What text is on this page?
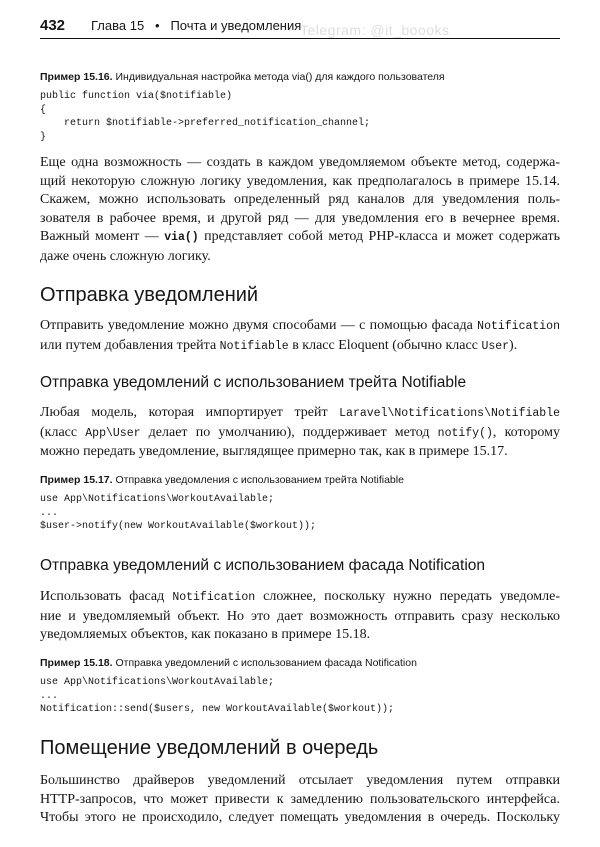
432 Глава 15 • Почта и уведомления
Telegram: @it_boooks
Пример 15.16. Индивидуальная настройка метода via() для каждого пользователя
public function via($notifiable)
{
return $notifiable->preferred_notification_channel;
}
Еще одна возможность — создать в каждом уведомляемом объекте метод, содержа-
щий некоторую сложную логику уведомления, как предполагалось в примере 15.14.
Скажем, можно использовать определенный ряд каналов для уведомления поль-
зователя в рабочее время, и другой ряд — для уведомления его в вечернее время.
Важный момент — via() представляет собой метод PHP-класса и может содержать
даже очень сложную логику.
Отправка уведомлений
Отправить уведомление можно двумя способами — с помощью фасада Notification
или путем добавления трейта Notifiable в класс Eloquent (обычно класс User).
Отправка уведомлений с использованием трейта Notifiable
Любая модель, которая импортирует трейт Laravel\Notifications\Notifiable
(класс App\User делает по умолчанию), поддерживает метод notify(), которому
можно передать уведомление, выглядящее примерно так, как в примере 15.17.
Пример 15.17. Отправка уведомления с использованием трейта Notifiable
use App\Notifications\WorkoutAvailable;
...
$user->notify(new WorkoutAvailable($workout));
Отправка уведомлений с использованием фасада Notification
Использовать фасад Notification сложнее, поскольку нужно передать уведомле-
ние и уведомляемый объект. Но это дает возможность отправить сразу несколько
уведомляемых объектов, как показано в примере 15.18.
Пример 15.18. Отправка уведомлений с использованием фасада Notification
use App\Notifications\WorkoutAvailable;
...
Notification::send($users, new WorkoutAvailable($workout));
Помещение уведомлений в очередь
Большинство драйверов уведомлений отсылает уведомления путем отправки
HTTP-запросов, что может привести к замедлению пользовательского интерфейса.
Чтобы этого не происходило, следует помещать уведомления в очередь. Поскольку
